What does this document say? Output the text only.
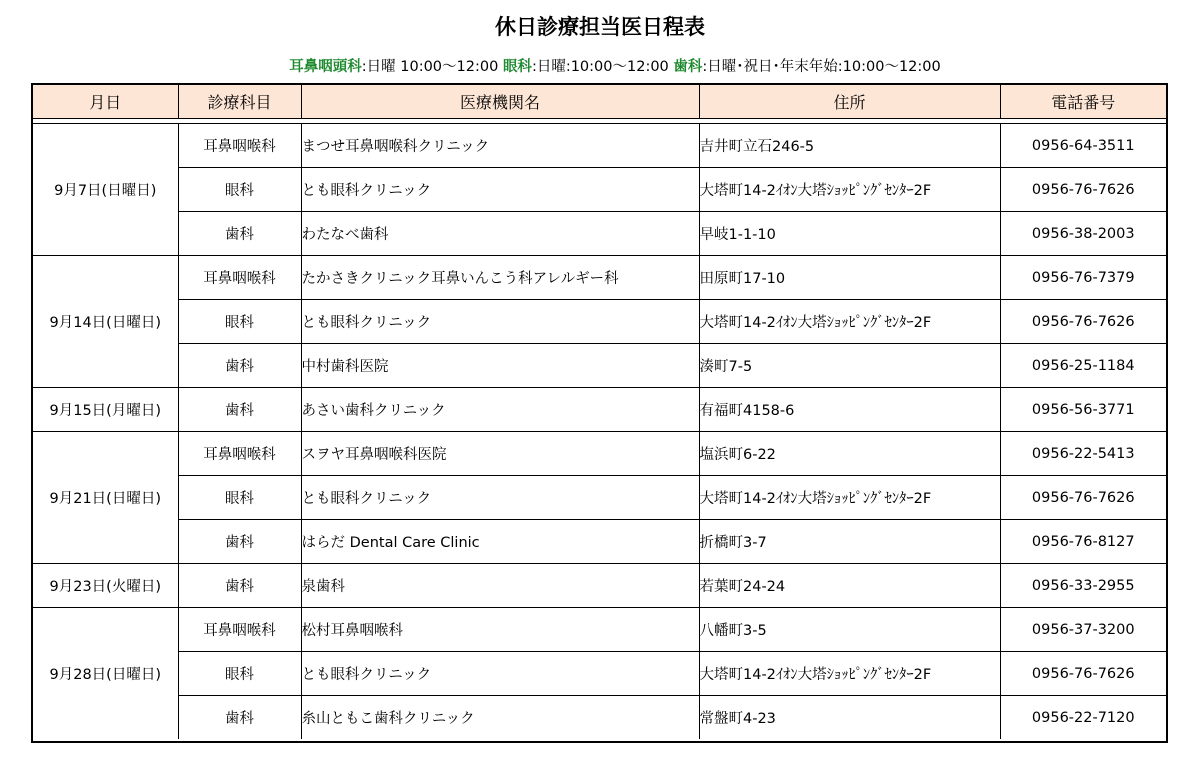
休日診療担当医日程表
耳鼻咽頭科:日曜 10:00〜12:00 眼科:日曜:10:00〜12:00 歯科:日曜･祝日･年末年始:10:00〜12:00
月日	診療科目	医療機関名	住所	電話番号

9月7日(日曜日)	耳鼻咽喉科	まつせ耳鼻咽喉科クリニック	吉井町立石246-5	0956-64-3511
	眼科	とも眼科クリニック	大塔町14-2ｲｵﾝ大塔ｼｮｯﾋﾟﾝｸﾞｾﾝﾀｰ2F	0956-76-7626
	歯科	わたなべ歯科	早岐1-1-10	0956-38-2003
9月14日(日曜日)	耳鼻咽喉科	たかさきクリニック耳鼻いんこう科アレルギー科	田原町17-10	0956-76-7379
	眼科	とも眼科クリニック	大塔町14-2ｲｵﾝ大塔ｼｮｯﾋﾟﾝｸﾞｾﾝﾀｰ2F	0956-76-7626
	歯科	中村歯科医院	湊町7-5	0956-25-1184
9月15日(月曜日)	歯科	あさい歯科クリニック	有福町4158-6	0956-56-3771
9月21日(日曜日)	耳鼻咽喉科	スヲヤ耳鼻咽喉科医院	塩浜町6-22	0956-22-5413
	眼科	とも眼科クリニック	大塔町14-2ｲｵﾝ大塔ｼｮｯﾋﾟﾝｸﾞｾﾝﾀｰ2F	0956-76-7626
	歯科	はらだ Dental Care Clinic	折橋町3-7	0956-76-8127
9月23日(火曜日)	歯科	泉歯科	若葉町24-24	0956-33-2955
9月28日(日曜日)	耳鼻咽喉科	松村耳鼻咽喉科	八幡町3-5	0956-37-3200
	眼科	とも眼科クリニック	大塔町14-2ｲｵﾝ大塔ｼｮｯﾋﾟﾝｸﾞｾﾝﾀｰ2F	0956-76-7626
	歯科	糸山ともこ歯科クリニック	常盤町4-23	0956-22-7120
